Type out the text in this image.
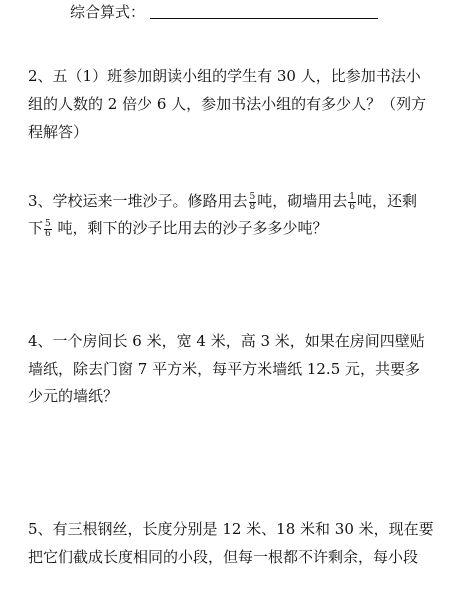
综合算式：
2、五（1）班参加朗读小组的学生有 30 人，比参加书法小
组的人数的 2 倍少 6 人，参加书法小组的有多少人？（列方
程解答）
3、学校运来一堆沙子。修路用去 $\frac{5}{8}$ 吨，砌墙用去 $\frac{1}{6}$ 吨，还剩
下 $\frac{5}{6}$ 吨，剩下的沙子比用去的沙子多多少吨？
4、一个房间长 6 米，宽 4 米，高 3 米，如果在房间四壁贴
墙纸，除去门窗 7 平方米，每平方米墙纸 12.5 元，共要多
少元的墙纸？
5、有三根钢丝，长度分别是 12 米、18 米和 30 米，现在要
把它们截成长度相同的小段，但每一根都不许剩余，每小段
